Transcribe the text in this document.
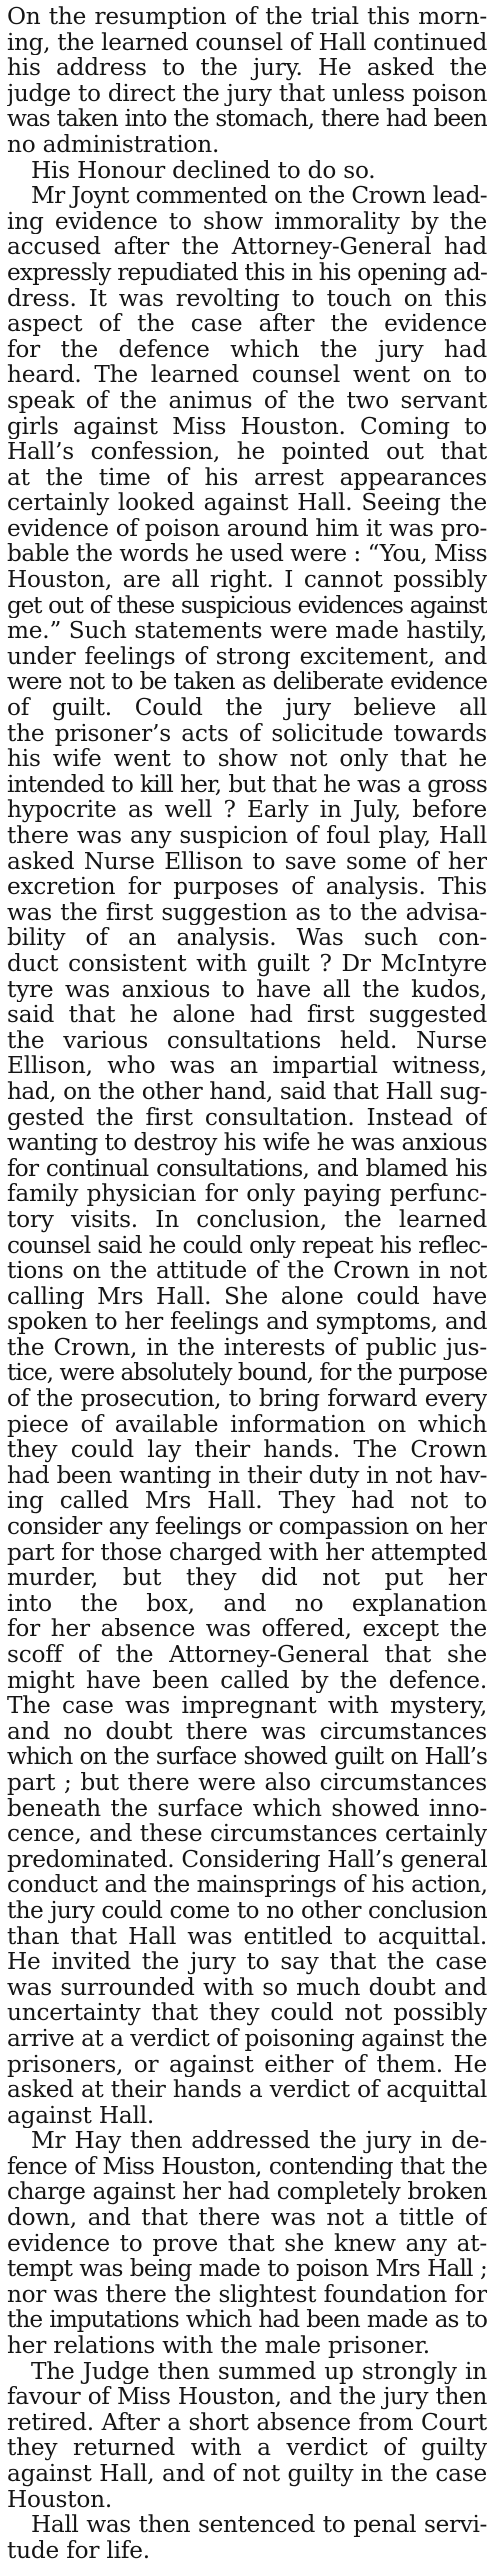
On the resumption of the trial this morn-
ing, the learned counsel of Hall continued
his address to the jury. He asked the
judge to direct the jury that unless poison
was taken into the stomach, there had been
no administration.
His Honour declined to do so.
Mr Joynt commented on the Crown lead-
ing evidence to show immorality by the
accused after the Attorney-General had
expressly repudiated this in his opening ad-
dress. It was revolting to touch on this
aspect of the case after the evidence
for the defence which the jury had
heard. The learned counsel went on to
speak of the animus of the two servant
girls against Miss Houston. Coming to
Hall’s confession, he pointed out that
at the time of his arrest appearances
certainly looked against Hall. Seeing the
evidence of poison around him it was pro-
bable the words he used were : “You, Miss
Houston, are all right. I cannot possibly
get out of these suspicious evidences against
me.” Such statements were made hastily,
under feelings of strong excitement, and
were not to be taken as deliberate evidence
of guilt. Could the jury believe all
the prisoner’s acts of solicitude towards
his wife went to show not only that he
intended to kill her, but that he was a gross
hypocrite as well ? Early in July, before
there was any suspicion of foul play, Hall
asked Nurse Ellison to save some of her
excretion for purposes of analysis. This
was the first suggestion as to the advisa-
bility of an analysis. Was such con-
duct consistent with guilt ? Dr McIntyre
tyre was anxious to have all the kudos,
said that he alone had first suggested
the various consultations held. Nurse
Ellison, who was an impartial witness,
had, on the other hand, said that Hall sug-
gested the first consultation. Instead of
wanting to destroy his wife he was anxious
for continual consultations, and blamed his
family physician for only paying perfunc-
tory visits. In conclusion, the learned
counsel said he could only repeat his reflec-
tions on the attitude of the Crown in not
calling Mrs Hall. She alone could have
spoken to her feelings and symptoms, and
the Crown, in the interests of public jus-
tice, were absolutely bound, for the purpose
of the prosecution, to bring forward every
piece of available information on which
they could lay their hands. The Crown
had been wanting in their duty in not hav-
ing called Mrs Hall. They had not to
consider any feelings or compassion on her
part for those charged with her attempted
murder, but they did not put her
into the box, and no explanation
for her absence was offered, except the
scoff of the Attorney-General that she
might have been called by the defence.
The case was impregnant with mystery,
and no doubt there was circumstances
which on the surface showed guilt on Hall’s
part ; but there were also circumstances
beneath the surface which showed inno-
cence, and these circumstances certainly
predominated. Considering Hall’s general
conduct and the mainsprings of his action,
the jury could come to no other conclusion
than that Hall was entitled to acquittal.
He invited the jury to say that the case
was surrounded with so much doubt and
uncertainty that they could not possibly
arrive at a verdict of poisoning against the
prisoners, or against either of them. He
asked at their hands a verdict of acquittal
against Hall.
Mr Hay then addressed the jury in de-
fence of Miss Houston, contending that the
charge against her had completely broken
down, and that there was not a tittle of
evidence to prove that she knew any at-
tempt was being made to poison Mrs Hall ;
nor was there the slightest foundation for
the imputations which had been made as to
her relations with the male prisoner.
The Judge then summed up strongly in
favour of Miss Houston, and the jury then
retired. After a short absence from Court
they returned with a verdict of guilty
against Hall, and of not guilty in the case
Houston.
Hall was then sentenced to penal servi-
tude for life.
